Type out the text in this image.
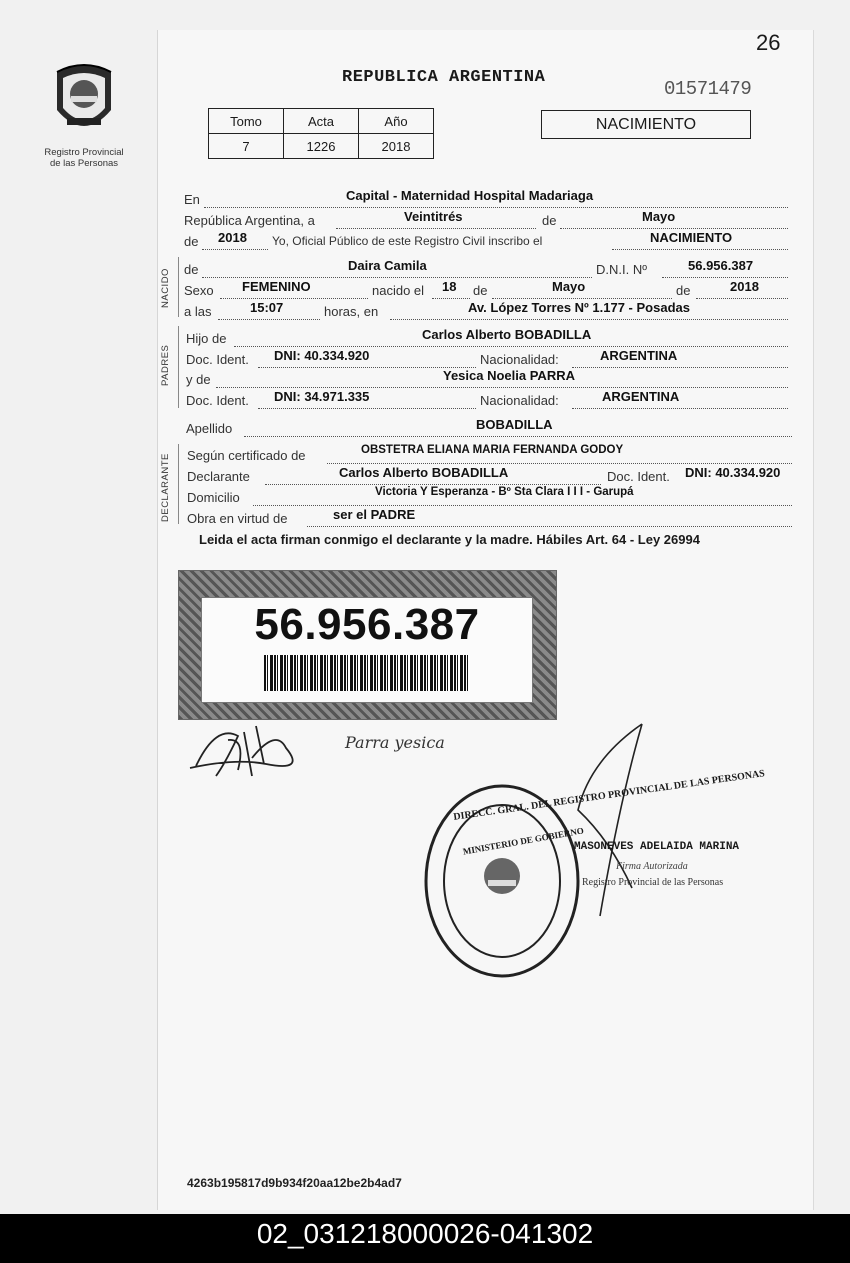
26
Registro Provincial de las Personas
REPUBLICA ARGENTINA
01571479
Tomo	Acta	Año
7	1226	2018
NACIMIENTO
En	Capital - Maternidad Hospital Madariaga
República Argentina, a	Veintitrés	de	Mayo
de 2018 Yo, Oficial Público de este Registro Civil inscribo el	NACIMIENTO
NACIDO de	Daira Camila	D.N.I. Nº	56.956.387
Sexo FEMENINO	nacido el 18 de	Mayo	de	2018
a las	15:07	horas, en	Av. López Torres Nº 1.177 - Posadas
PADRES
Hijo de	Carlos Alberto BOBADILLA
Doc. Ident. DNI: 40.334.920	Nacionalidad:	ARGENTINA
y de	Yesica Noelia PARRA
Doc. Ident. DNI: 34.971.335	Nacionalidad:	ARGENTINA
Apellido	BOBADILLA
DECLARANTE Según certificado de	OBSTETRA ELIANA MARIA FERNANDA GODOY
Declarante	Carlos Alberto BOBADILLA	Doc. Ident. DNI: 40.334.920
Domicilio	Victoria Y Esperanza - Bº Sta Clara I I I - Garupá
Obra en virtud de	ser el PADRE
Leida el acta firman conmigo el declarante y la madre. Hábiles Art. 64 - Ley 26994
56.956.387
Parra yesica
DIRECC. GRAL. DEL REGISTRO PROVINCIAL DE LAS PERSONAS
MINISTERIO DE GOBIERNO
MASONEVES ADELAIDA MARINA
Firma Autorizada
Registro Provincial de las Personas
4263b195817d9b934f20aa12be2b4ad7
02_031218000026-041302
